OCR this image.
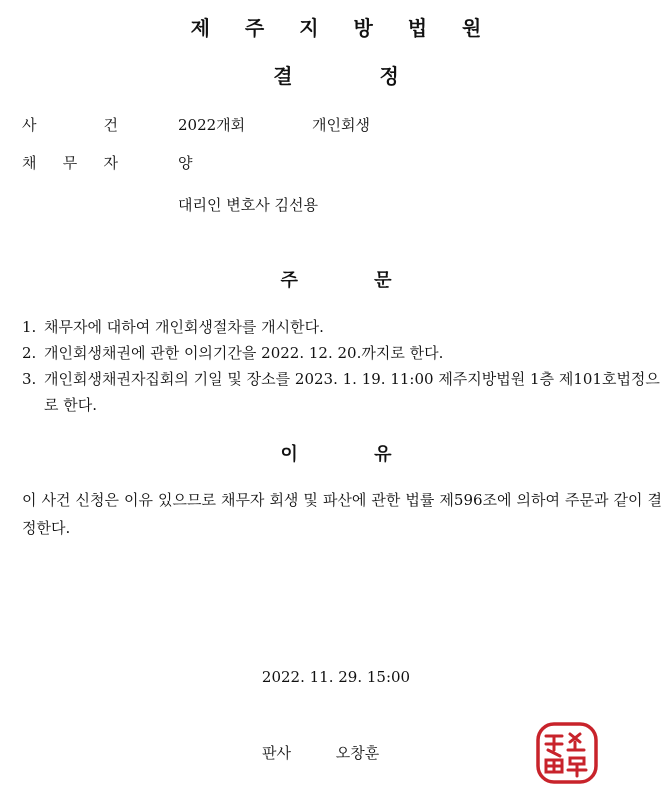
제 주 지 방 법 원
결 정
사	건	2022개회	개인회생
채 무 자	양
대리인 변호사 김선용
주 문
1. 채무자에 대하여 개인회생절차를 개시한다.
2. 개인회생채권에 관한 이의기간을 2022. 12. 20.까지로 한다.
3. 개인회생채권자집회의 기일 및 장소를 2023. 1. 19. 11:00 제주지방법원 1층 제101호법정으로 한다.
이 유
이 사건 신청은 이유 있으므로 채무자 회생 및 파산에 관한 법률 제596조에 의하여 주문과 같이 결정한다.
2022. 11. 29. 15:00
판사	오창훈
